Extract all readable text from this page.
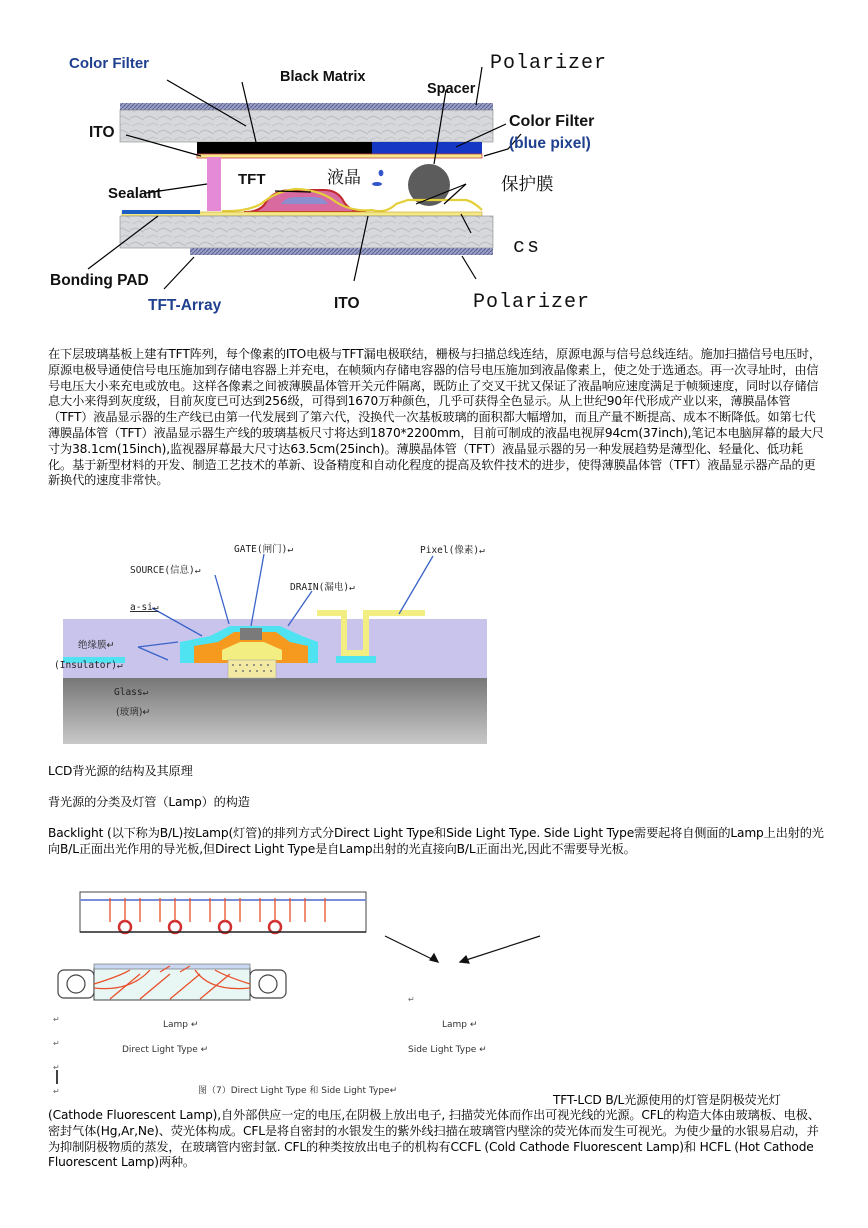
Color Filter
Black Matrix
Polarizer
Spacer
ITO
Color Filter
(blue pixel)
Sealant
TFT	液晶	保护膜
cs
Bonding PAD
ITO	Polarizer
TFT-Array

在下层玻璃基板上建有TFT阵列，每个像素的ITO电极与TFT漏电极联结，栅极与扫描总线连结，原源电源与信号总线连结。施加扫描信号电压时，原源电极导通使信号电压施加到存储电容器上并充电，在帧频内存储电容器的信号电压施加到液晶像素上，使之处于选通态。再一次寻址时，由信号电压大小来充电或放电。这样各像素之间被薄膜晶体管开关元件隔离，既防止了交叉干扰又保证了液晶响应速度满足于帧频速度，同时以存储信息大小来得到灰度级，目前灰度已可达到256级，可得到1670万种颜色，几乎可获得全色显示。从上世纪90年代形成产业以来，薄膜晶体管（TFT）液晶显示器的生产线已由第一代发展到了第六代，没换代一次基板玻璃的面积都大幅增加，而且产量不断提高、成本不断降低。如第七代薄膜晶体管（TFT）液晶显示器生产线的玻璃基板尺寸将达到1870*2200mm，目前可制成的液晶电视屏94cm(37inch),笔记本电脑屏幕的最大尺寸为38.1cm(15inch),监视器屏幕最大尺寸达63.5cm(25inch)。薄膜晶体管（TFT）液晶显示器的另一种发展趋势是薄型化、轻量化、低功耗化。基于新型材料的开发、制造工艺技术的革新、设备精度和自动化程度的提高及软件技术的进步，使得薄膜晶体管（TFT）液晶显示器产品的更新换代的速度非常快。

GATE(闸门)↵	Pixel(像素)↵
SOURCE(信息)↵
DRAIN(漏电)↵
a-si↵
绝缘膜↵
(Insulator)↵
Glass↵
(玻璃)↵

LCD背光源的结构及其原理

背光源的分类及灯管（Lamp）的构造

Backlight (以下称为B/L)按Lamp(灯管)的排列方式分Direct Light Type和Side Light Type. Side Light Type需要起将自侧面的Lamp上出射的光向B/L正面出光作用的导光板,但Direct Light Type是自Lamp出射的光直接向B/L正面出光,因此不需要导光板。

↵
↵
↵
↵
↵
Lamp ↵
Direct Light Type ↵
Lamp ↵
Side Light Type ↵
图（7）Direct Light Type 和 Side Light Type↵

TFT-LCD B/L光源使用的灯管是阴极荧光灯

(Cathode Fluorescent Lamp),自外部供应一定的电压,在阴极上放出电子, 扫描荧光体而作出可视光线的光源。CFL的构造大体由玻璃板、电极、密封气体(Hg,Ar,Ne)、荧光体构成。CFL是将自密封的水银发生的紫外线扫描在玻璃管内壁涂的荧光体而发生可视光。为使少量的水银易启动，并为抑制阴极物质的蒸发，在玻璃管内密封氩. CFL的种类按放出电子的机构有CCFL (Cold Cathode Fluorescent Lamp)和 HCFL (Hot Cathode Fluorescent Lamp)两种。
